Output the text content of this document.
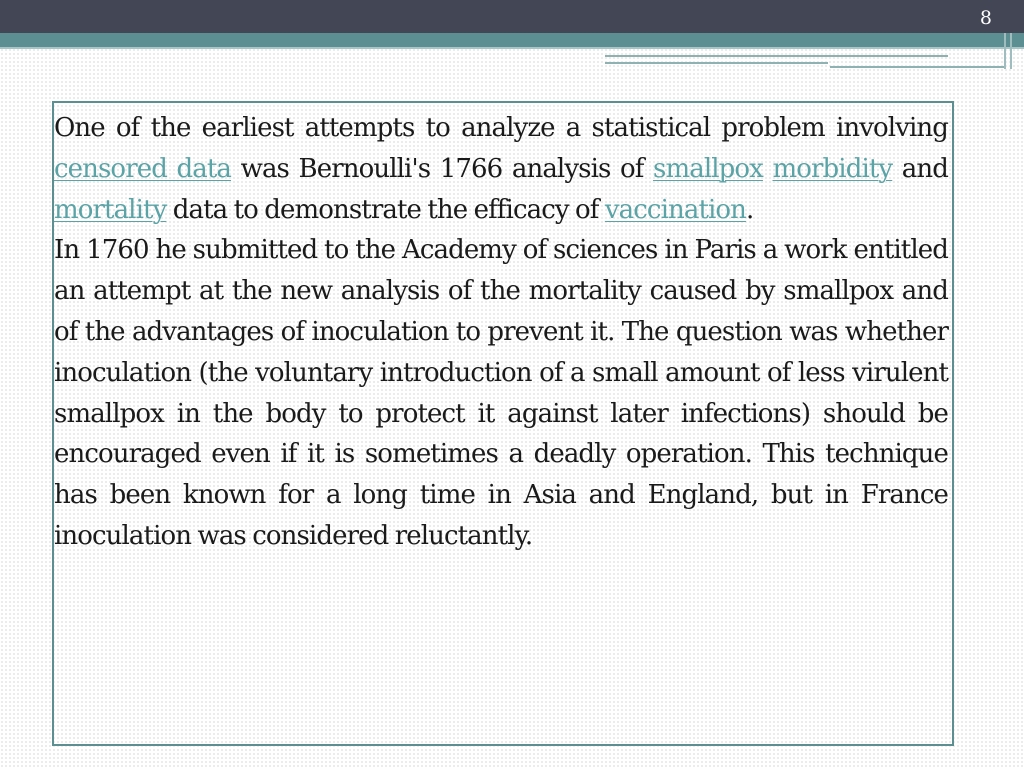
8

One of the earliest attempts to analyze a statistical problem involving censored data was Bernoulli's 1766 analysis of smallpox morbidity and mortality data to demonstrate the efficacy of vaccination.

In 1760 he submitted to the Academy of sciences in Paris a work entitled an attempt at the new analysis of the mortality caused by smallpox and of the advantages of inoculation to prevent it. The question was whether inoculation (the voluntary introduction of a small amount of less virulent smallpox in the body to protect it against later infections) should be encouraged even if it is sometimes a deadly operation. This technique has been known for a long time in Asia and England, but in France inoculation was considered reluctantly.
